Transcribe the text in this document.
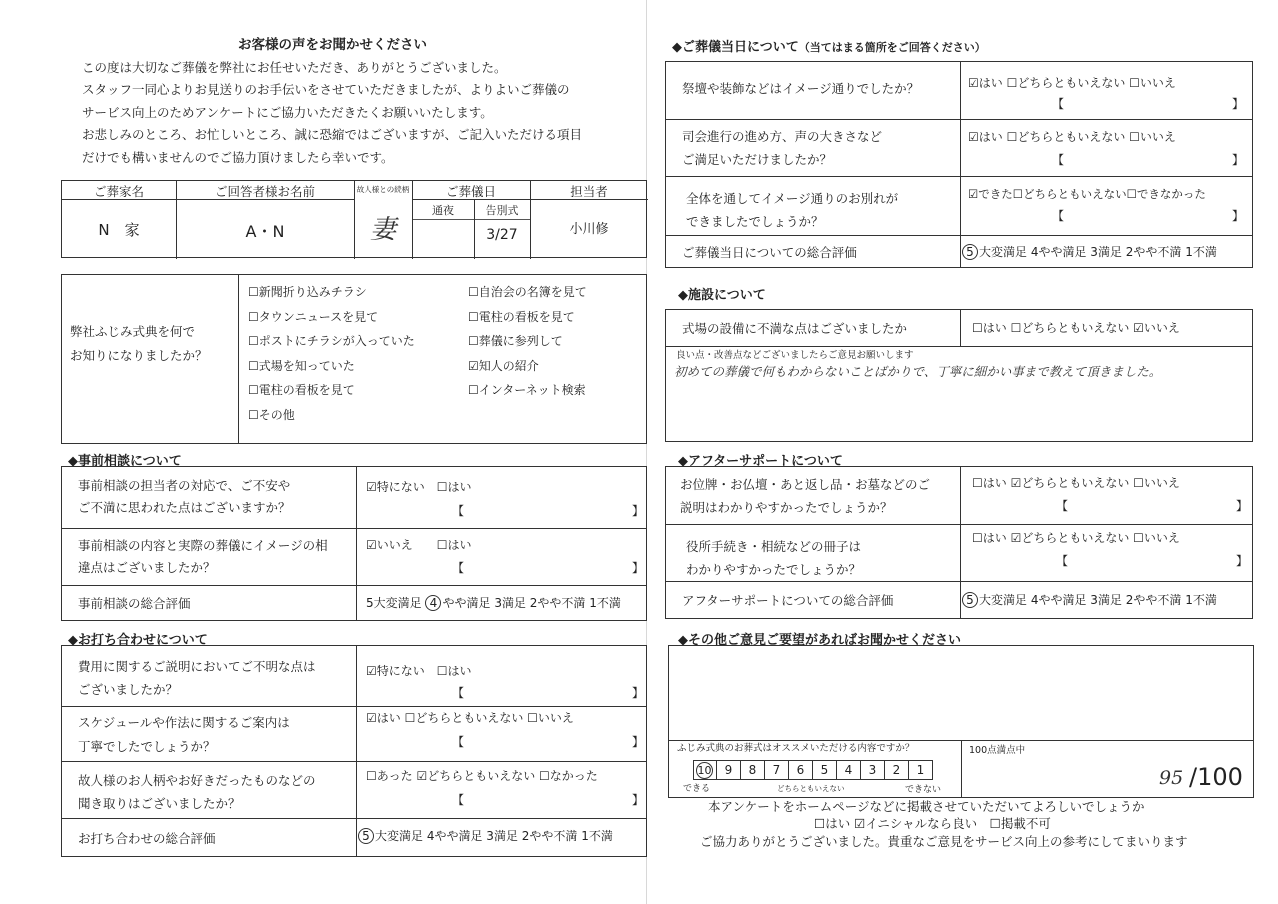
お客様の声をお聞かせください
この度は大切なご葬儀を弊社にお任せいただき、ありがとうございました。
スタッフ一同心よりお見送りのお手伝いをさせていただきましたが、よりよいご葬儀の
サービス向上のためアンケートにご協力いただきたくお願いいたします。
お悲しみのところ、お忙しいところ、誠に恐縮ではございますが、ご記入いただける項目
だけでも構いませんのでご協力頂けましたら幸いです。
ご葬家名	ご回答者様お名前	故人様との続柄	ご葬儀日	担当者
通夜	告別式
N　家	A・N	妻	3/27	小川修
弊社ふじみ式典を何で
お知りになりましたか？
☐新聞折り込みチラシ
☐タウンニュースを見て
☐ポストにチラシが入っていた
☐式場を知っていた
☐電柱の看板を見て
☐その他
☐自治会の名簿を見て
☐電柱の看板を見て
☐葬儀に参列して
☑知人の紹介
☐インターネット検索
◆事前相談について
事前相談の担当者の対応で、ご不安や
ご不満に思われた点はございますか？
☑特にない　☐はい
【　　　　　　　　　　　　　　】
事前相談の内容と実際の葬儀にイメージの相
違点はございましたか？
☑いいえ　　☐はい
【　　　　　　　　　　　　　　】
事前相談の総合評価	5大変満足 4 やや満足 3満足 2やや不満 1不満
◆お打ち合わせについて
費用に関するご説明においてご不明な点は
ございましたか？
☑特にない　☐はい
【　　　　　　　　　　　　　　】
スケジュールや作法に関するご案内は
丁寧でしたでしょうか？
☑はい ☐どちらともいえない ☐いいえ
【　　　　　　　　　　　　　　】
故人様のお人柄やお好きだったものなどの
聞き取りはございましたか？
☐あった ☑どちらともいえない ☐なかった
【　　　　　　　　　　　　　　】
お打ち合わせの総合評価	5 大変満足 4やや満足 3満足 2やや不満 1不満
◆ご葬儀当日について（当てはまる箇所をご回答ください）
祭壇や装飾などはイメージ通りでしたか？	☑はい ☐どちらともいえない ☐いいえ
【　　　　　　　　　　　　　　】
司会進行の進め方、声の大きさなど
ご満足いただけましたか？
☑はい ☐どちらともいえない ☐いいえ
【　　　　　　　　　　　　　　】
全体を通してイメージ通りのお別れが
できましたでしょうか？
☑できた☐どちらともいえない☐できなかった
【　　　　　　　　　　　　　　】
ご葬儀当日についての総合評価	5 大変満足 4やや満足 3満足 2やや不満 1不満
◆施設について
式場の設備に不満な点はございましたか	☐はい ☐どちらともいえない ☑いいえ
良い点・改善点などございましたらご意見お願いします
初めての葬儀で何もわからないことばかりで、丁寧に細かい事まで教えて頂きました。
◆アフターサポートについて
お位牌・お仏壇・あと返し品・お墓などのご
説明はわかりやすかったでしょうか？
☐はい ☑どちらともいえない ☐いいえ
【　　　　　　　　　　　　　　】
役所手続き・相続などの冊子は
わかりやすかったでしょうか？
☐はい ☑どちらともいえない ☐いいえ
【　　　　　　　　　　　　　　】
アフターサポートについての総合評価	5 大変満足 4やや満足 3満足 2やや不満 1不満
◆その他ご意見ご要望があればお聞かせください
ふじみ式典のお葬式はオススメいただける内容ですか？
10 9 8 7 6 5 4 3 2 1
できる	どちらともいえない	できない
100点満点中
95 /100
本アンケートをホームページなどに掲載させていただいてよろしいでしょうか
☐はい ☑イニシャルなら良い　☐掲載不可
ご協力ありがとうございました。貴重なご意見をサービス向上の参考にしてまいります
